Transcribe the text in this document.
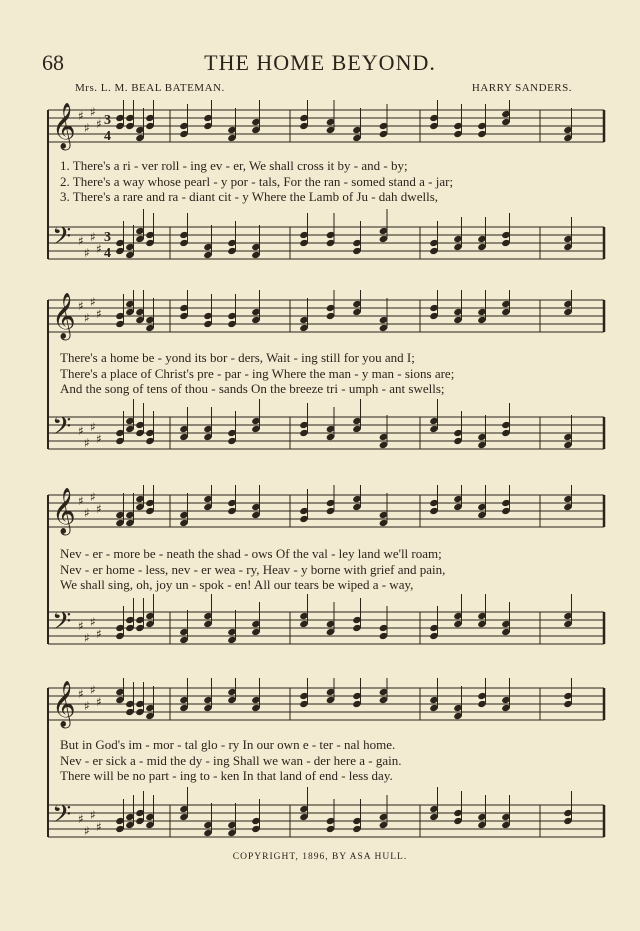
68	THE HOME BEYOND.
Mrs. L. M. BEAL BATEMAN.	HARRY SANDERS.
𝄞 ♯
♯
♯
♯ 3
4
𝄢 ♯
♯
♯
♯
3
4
1. There's a ri - ver roll - ing ev - er, We shall cross it by - and - by;
2. There's a way whose pearl - y por - tals, For the ran - somed stand a - jar;
3. There's a rare and ra - diant cit - y Where the Lamb of Ju - dah dwells,
𝄞 ♯
♯
♯
♯
𝄢 ♯
♯
♯
♯
There's a home be - yond its bor - ders, Wait - ing still for you and I;
There's a place of Christ's pre - par - ing Where the man - y man - sions are;
And the song of tens of thou - sands On the breeze tri - umph - ant swells;
𝄞 ♯
♯
♯
♯
𝄢 ♯
♯
♯
♯
Nev - er - more be - neath the shad - ows Of the val - ley land we'll roam;
Nev - er home - less, nev - er wea - ry, Heav - y borne with grief and pain,
We shall sing, oh, joy un - spok - en! All our tears be wiped a - way,
𝄞 ♯
♯
♯
♯
𝄢 ♯
♯
♯
♯
But in God's im - mor - tal glo - ry In our own e - ter - nal home.
Nev - er sick a - mid the dy - ing Shall we wan - der here a - gain.
There will be no part - ing to - ken In that land of end - less day.
COPYRIGHT, 1896, BY ASA HULL.
